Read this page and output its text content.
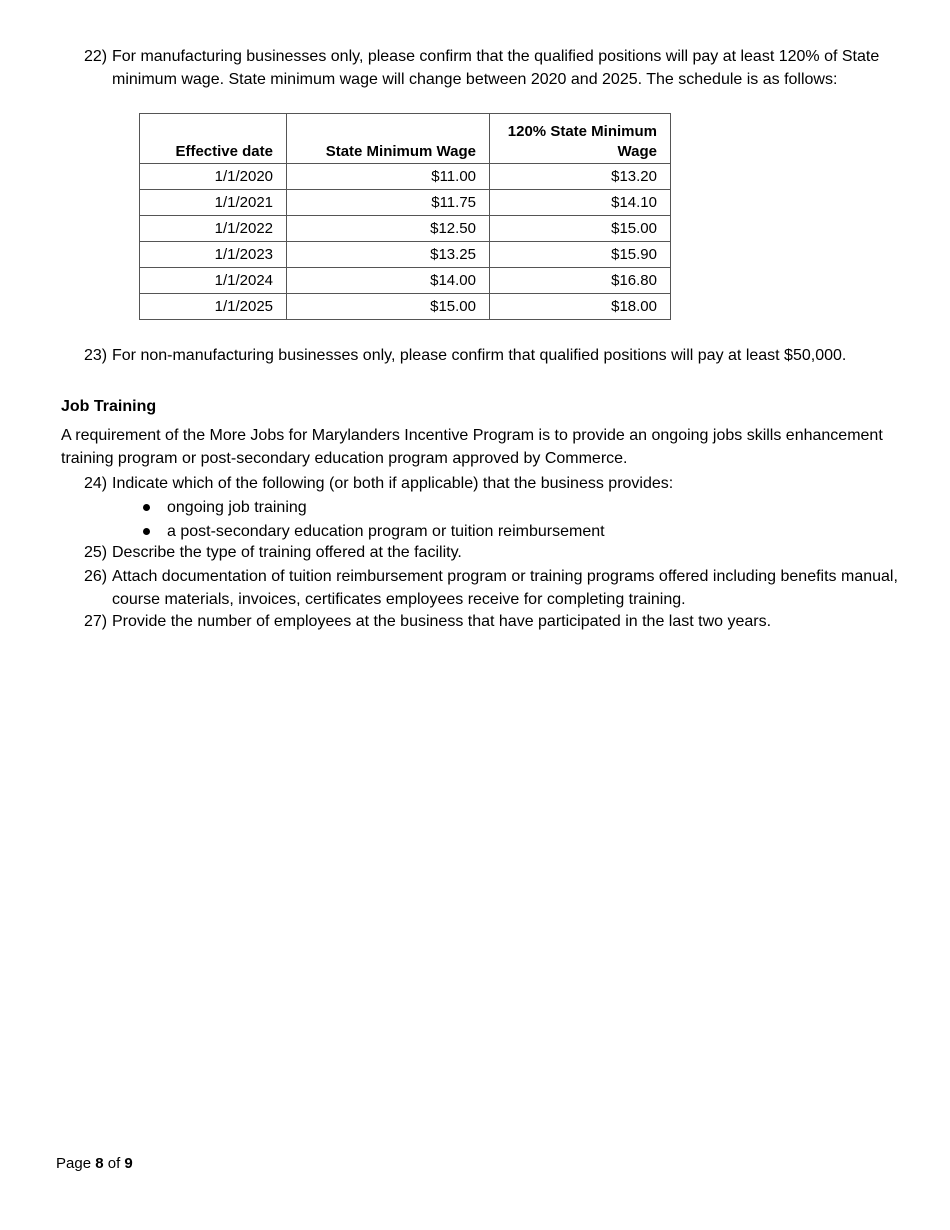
22) For manufacturing businesses only, please confirm that the qualified positions will pay at least 120% of State minimum wage. State minimum wage will change between 2020 and 2025. The schedule is as follows:
Effective date	State Minimum Wage	120% State Minimum Wage
1/1/2020	$11.00	$13.20
1/1/2021	$11.75	$14.10
1/1/2022	$12.50	$15.00
1/1/2023	$13.25	$15.90
1/1/2024	$14.00	$16.80
1/1/2025	$15.00	$18.00
23) For non-manufacturing businesses only, please confirm that qualified positions will pay at least $50,000.
Job Training
A requirement of the More Jobs for Marylanders Incentive Program is to provide an ongoing jobs skills enhancement training program or post-secondary education program approved by Commerce.
24) Indicate which of the following (or both if applicable) that the business provides:
ongoing job training
a post-secondary education program or tuition reimbursement
25) Describe the type of training offered at the facility.
26) Attach documentation of tuition reimbursement program or training programs offered including benefits manual, course materials, invoices, certificates employees receive for completing training.
27) Provide the number of employees at the business that have participated in the last two years.
Page 8 of 9
